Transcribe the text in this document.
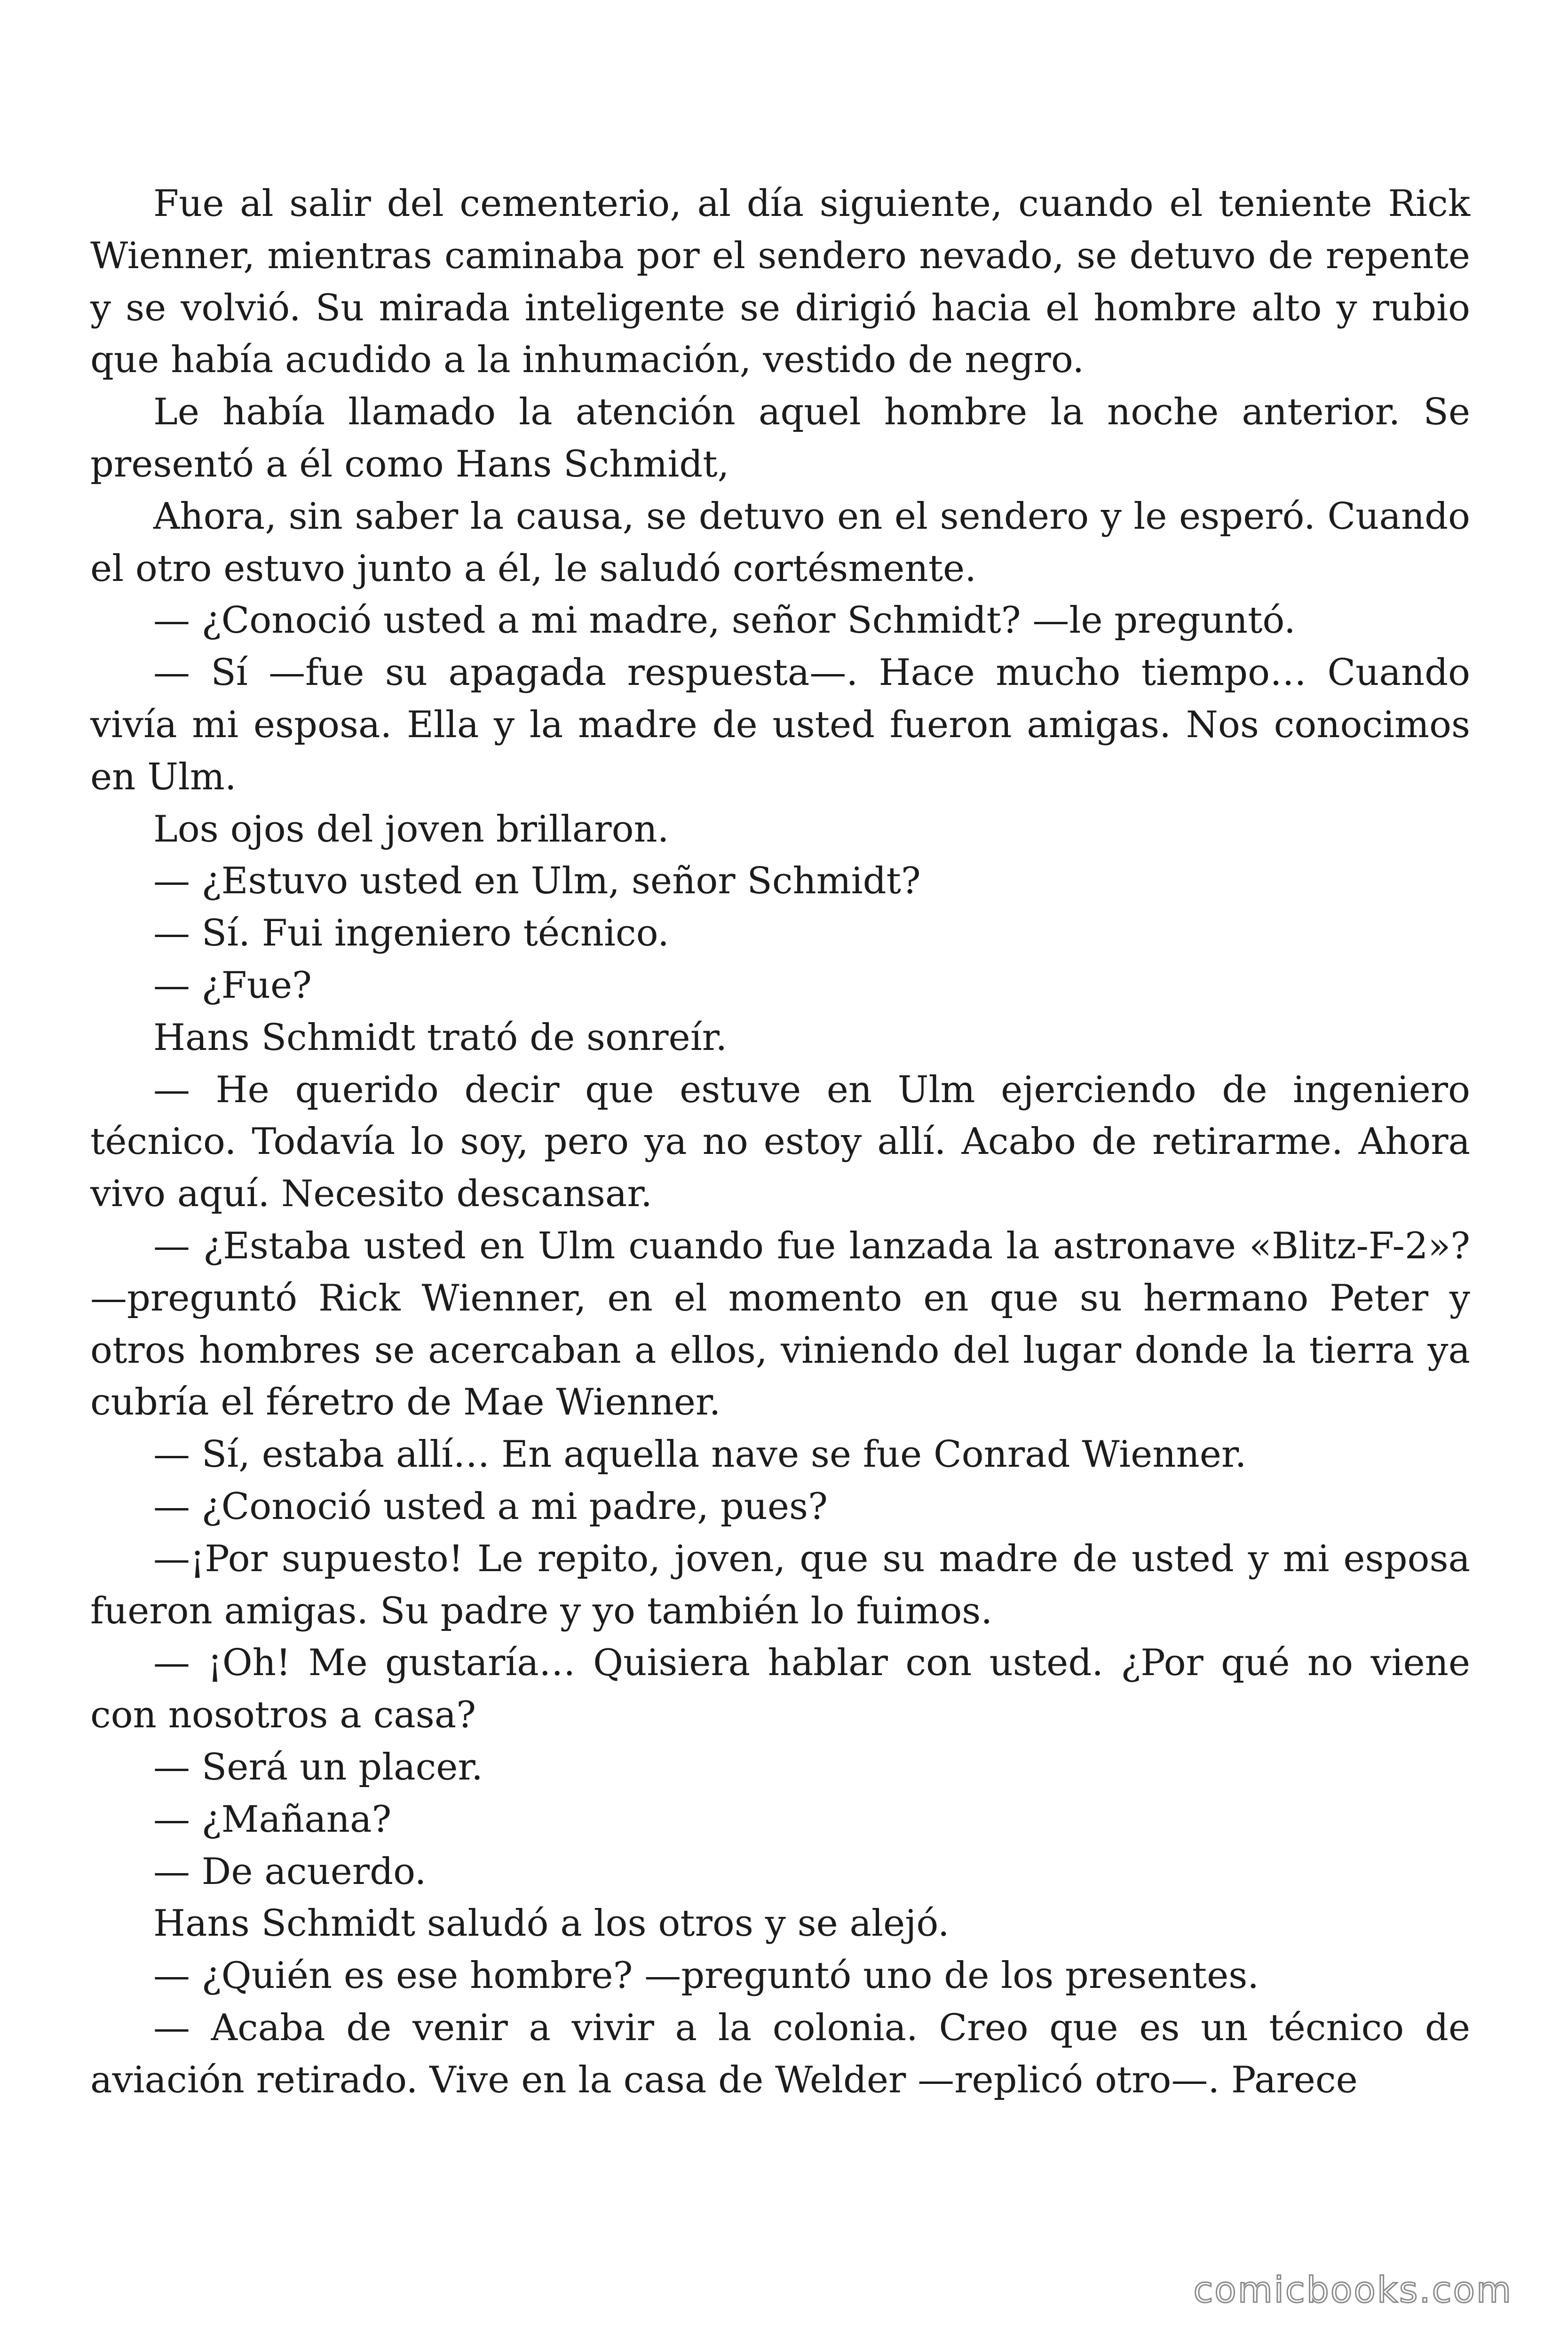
Fue al salir del cementerio, al día siguiente, cuando el teniente Rick Wienner, mientras caminaba por el sendero nevado, se detuvo de repente y se volvió. Su mirada inteligente se dirigió hacia el hombre alto y rubio que había acudido a la inhumación, vestido de negro.

Le había llamado la atención aquel hombre la noche anterior. Se presentó a él como Hans Schmidt,

Ahora, sin saber la causa, se detuvo en el sendero y le esperó. Cuando el otro estuvo junto a él, le saludó cortésmente.

— ¿Conoció usted a mi madre, señor Schmidt? —le preguntó.

— Sí —fue su apagada respuesta—. Hace mucho tiempo… Cuando vivía mi esposa. Ella y la madre de usted fueron amigas. Nos conocimos en Ulm.

Los ojos del joven brillaron.

— ¿Estuvo usted en Ulm, señor Schmidt?

— Sí. Fui ingeniero técnico.

— ¿Fue?

Hans Schmidt trató de sonreír.

— He querido decir que estuve en Ulm ejerciendo de ingeniero técnico. Todavía lo soy, pero ya no estoy allí. Acabo de retirarme. Ahora vivo aquí. Necesito descansar.

— ¿Estaba usted en Ulm cuando fue lanzada la astronave «Blitz-F-2»? —preguntó Rick Wienner, en el momento en que su hermano Peter y otros hombres se acercaban a ellos, viniendo del lugar donde la tierra ya cubría el féretro de Mae Wienner.

— Sí, estaba allí… En aquella nave se fue Conrad Wienner.

— ¿Conoció usted a mi padre, pues?

—¡Por supuesto! Le repito, joven, que su madre de usted y mi esposa fueron amigas. Su padre y yo también lo fuimos.

— ¡Oh! Me gustaría… Quisiera hablar con usted. ¿Por qué no viene con nosotros a casa?

— Será un placer.

— ¿Mañana?

— De acuerdo.

Hans Schmidt saludó a los otros y se alejó.

— ¿Quién es ese hombre? —preguntó uno de los presentes.

— Acaba de venir a vivir a la colonia. Creo que es un técnico de aviación retirado. Vive en la casa de Welder —replicó otro—. Parece

comicbooks.com
